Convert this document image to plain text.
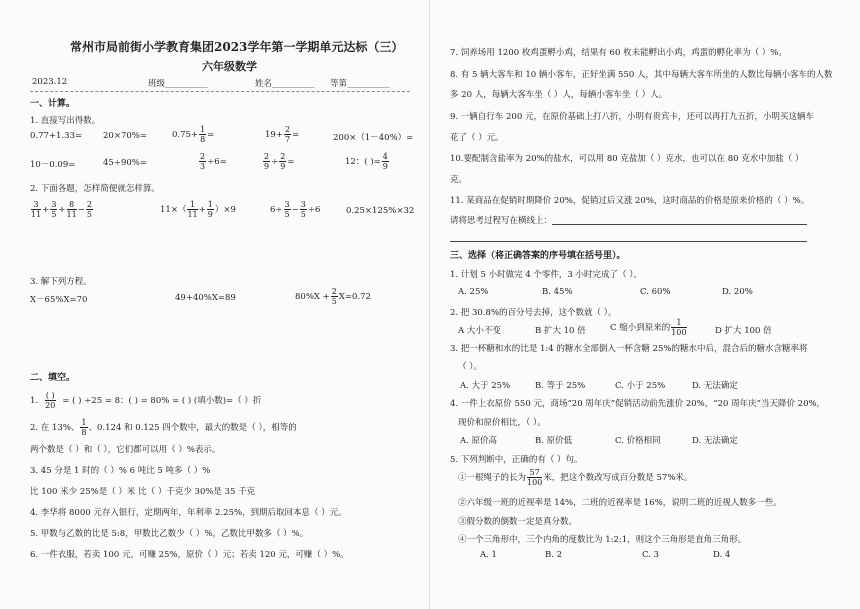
常州市局前街小学教育集团2023学年第一学期单元达标（三）
六年级数学
2023.12	班级__________	姓名__________ 等第__________
一、计算。
1. 直接写出得数。
0.77+1.33= 20×70%=	$0.75+ \frac{1}{8}$ =	$19+ \frac{2}{7}$ =	200×（1－40%）=
10－0.09=	45÷90%=	$\frac{2}{3} \div 6=$	$\frac{2}{9} \div \frac{2}{9}$ =	12：( )= $\frac{4}{9}$
2. 下面各题，怎样简便就怎样算。
$\frac{3}{11} + \frac{3}{5} + \frac{8}{11} - \frac{2}{5}$	$11\times( \frac{1}{11} + \frac{1}{9} )\times 9$	$6\div \frac{3}{5} - \frac{3}{5} \div 6$	0.25×125%×32
3. 解下列方程。
X－65%X=70	49+40%X=89	$80\%X + \frac{2}{5} X=0.72$
二、填空。
1. $\frac{( )}{20}$ = ( ) ÷25 = 8：( ) = 80% = ( ) (填小数)=（ ）折
2. 在 13%、 $\frac{1}{8}$ 、0.124 和 0.125 四个数中，最大的数是（ ），相等的
两个数是（ ）和（ ），它们都可以用（ ）%表示。
3. 45 分是 1 时的（ ）% 6 吨比 5 吨多（ ）%
比 100 米少 25%是（ ）米 比（ ）千克少 30%是 35 千克
4. 李华将 8000 元存入银行，定期两年，年利率 2.25%，到期后取回本息（ ）元。
5. 甲数与乙数的比是 5:8，甲数比乙数少（ ）%，乙数比甲数多（ ）%。
6. 一件衣服，若卖 100 元，可赚 25%，原价（ ）元；若卖 120 元，可赚（ ）%。
7. 饲养场用 1200 枚鸡蛋孵小鸡，结果有 60 枚未能孵出小鸡，鸡蛋的孵化率为（ ）%。
8. 有 5 辆大客车和 10 辆小客车，正好坐满 550 人，其中每辆大客车所坐的人数比每辆小客车的人数
多 20 人，每辆大客车坐（ ）人，每辆小客车坐（ ）人。
9. 一辆自行车 200 元，在原价基础上打八折，小明有贵宾卡，还可以再打九五折，小明买这辆车
花了（ ）元。
10.要配制含盐率为 20%的盐水，可以用 80 克盐加（ ）克水，也可以在 80 克水中加盐（ ）
克。
11. 某商品在促销时期降价 20%，促销过后又涨 20%，这时商品的价格是原来价格的（ ）%。
请将思考过程写在横线上：
三、选择（将正确答案的序号填在括号里）。
1. 计划 5 小时做完 4 个零件，3 小时完成了（ ）。
A. 25%	B. 45%	C. 60%	D. 20%
2. 把 30.8%的百分号去掉，这个数就（ ）。
A 大小不变	B 扩大 10 倍	C 缩小到原来的 $\frac{1}{100}$	D 扩大 100 倍
3. 把一杯糖和水的比是 1:4 的糖水全部倒入一杯含糖 25%的糖水中后，混合后的糖水含糖率将
（ ）。
A. 大于 25%	B. 等于 25%	C. 小于 25%	D. 无法确定
4. 一件上衣原价 550 元，商场“20 周年庆”促销活动前先涨价 20%，“20 周年庆”当天降价 20%，
现价和原价相比，（ ）。
A. 原价高	B. 原价低	C. 价格相同	D. 无法确定
5. 下列判断中，正确的有（ ）句。
①一根绳子的长为 $\frac{57}{100}$ 米，把这个数改写成百分数是 57%米。
②六年级一班的近视率是 14%，二班的近视率是 16%，说明二班的近视人数多一些。
③假分数的倒数一定是真分数。
④一个三角形中，三个内角的度数比为 1:2:1，则这个三角形是直角三角形。
A. 1	B. 2	C. 3	D. 4
